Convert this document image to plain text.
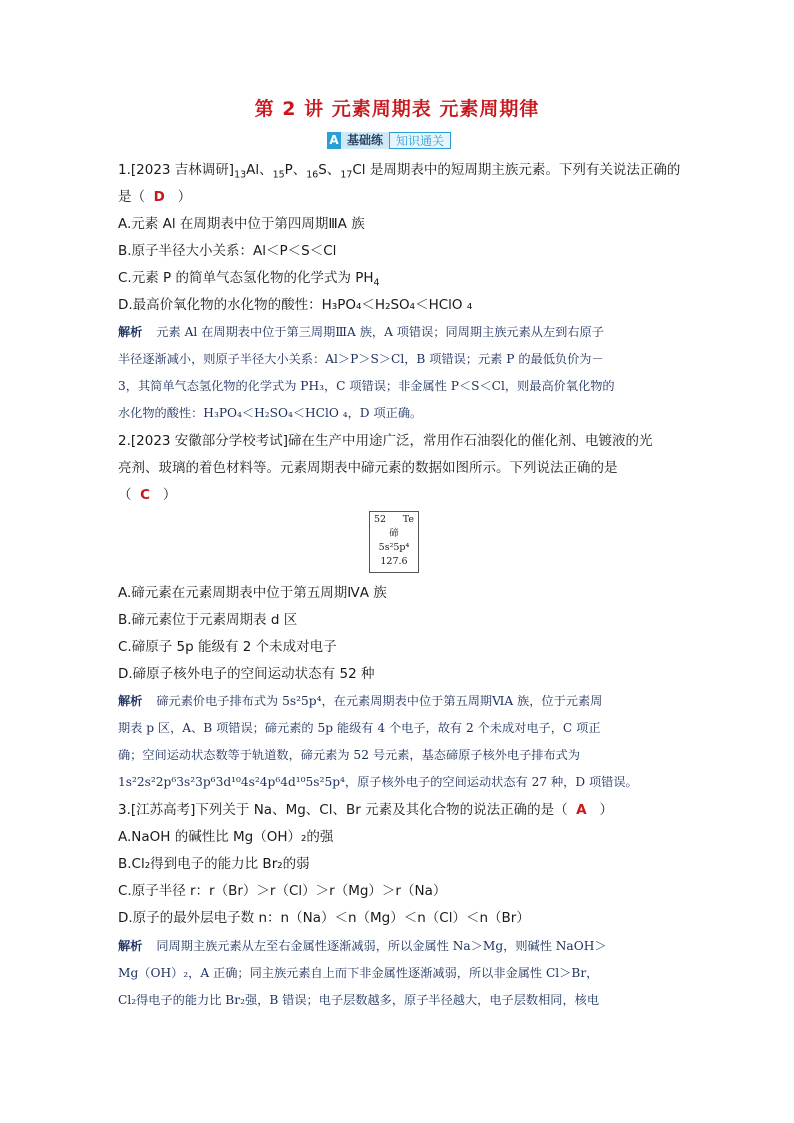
第 2 讲 元素周期表 元素周期律
A 基础练	知识通关
1.[2023 吉林调研]$_{13}Al$、$_{15}$P、$_{16}$S、$_{17}$Cl 是周期表中的短周期主族元素。下列有关说法正确的
是（ D ）
A.元素 Al 在周期表中位于第四周期ⅢA 族
B.原子半径大小关系：Al＜P＜S＜Cl
C.元素 P 的简单气态氢化物的化学式为 $PH_4$
D.最高价氧化物的水化物的酸性：H₃PO₄＜H₂SO₄＜HClO ₄
解析 元素 Al 在周期表中位于第三周期ⅢA 族，A 项错误；同周期主族元素从左到右原子
半径逐渐减小，则原子半径大小关系：Al＞P＞S＞Cl，B 项错误；元素 P 的最低负价为－
3，其简单气态氢化物的化学式为 PH₃，C 项错误；非金属性 P＜S＜Cl，则最高价氧化物的
水化物的酸性：H₃PO₄＜H₂SO₄＜HClO ₄，D 项正确。
2.[2023 安徽部分学校考试]碲在生产中用途广泛，常用作石油裂化的催化剂、电镀液的光
亮剂、玻璃的着色材料等。元素周期表中碲元素的数据如图所示。下列说法正确的是
（ C ）
52 Te
碲
5s²5p⁴
127.6
A.碲元素在元素周期表中位于第五周期ⅣA 族
B.碲元素位于元素周期表 d 区
C.碲原子 5p 能级有 2 个未成对电子
D.碲原子核外电子的空间运动状态有 52 种
解析 碲元素价电子排布式为 5s²5p⁴，在元素周期表中位于第五周期ⅥA 族，位于元素周
期表 p 区，A、B 项错误；碲元素的 5p 能级有 4 个电子，故有 2 个未成对电子，C 项正
确；空间运动状态数等于轨道数，碲元素为 52 号元素，基态碲原子核外电子排布式为
1s²2s²2p⁶3s²3p⁶3d¹⁰4s²4p⁶4d¹⁰5s²5p⁴，原子核外电子的空间运动状态有 27 种，D 项错误。
3.[江苏高考]下列关于 Na、Mg、Cl、Br 元素及其化合物的说法正确的是（ A ）
A.NaOH 的碱性比 Mg（OH）₂的强
B.Cl₂得到电子的能力比 Br₂的弱
C.原子半径 r：r（Br）＞r（Cl）＞r（Mg）＞r（Na）
D.原子的最外层电子数 n：n（Na）＜n（Mg）＜n（Cl）＜n（Br）
解析 同周期主族元素从左至右金属性逐渐减弱，所以金属性 Na＞Mg，则碱性 NaOH＞
Mg（OH）₂，A 正确；同主族元素自上而下非金属性逐渐减弱，所以非金属性 Cl＞Br，
Cl₂得电子的能力比 Br₂强，B 错误；电子层数越多，原子半径越大，电子层数相同，核电
